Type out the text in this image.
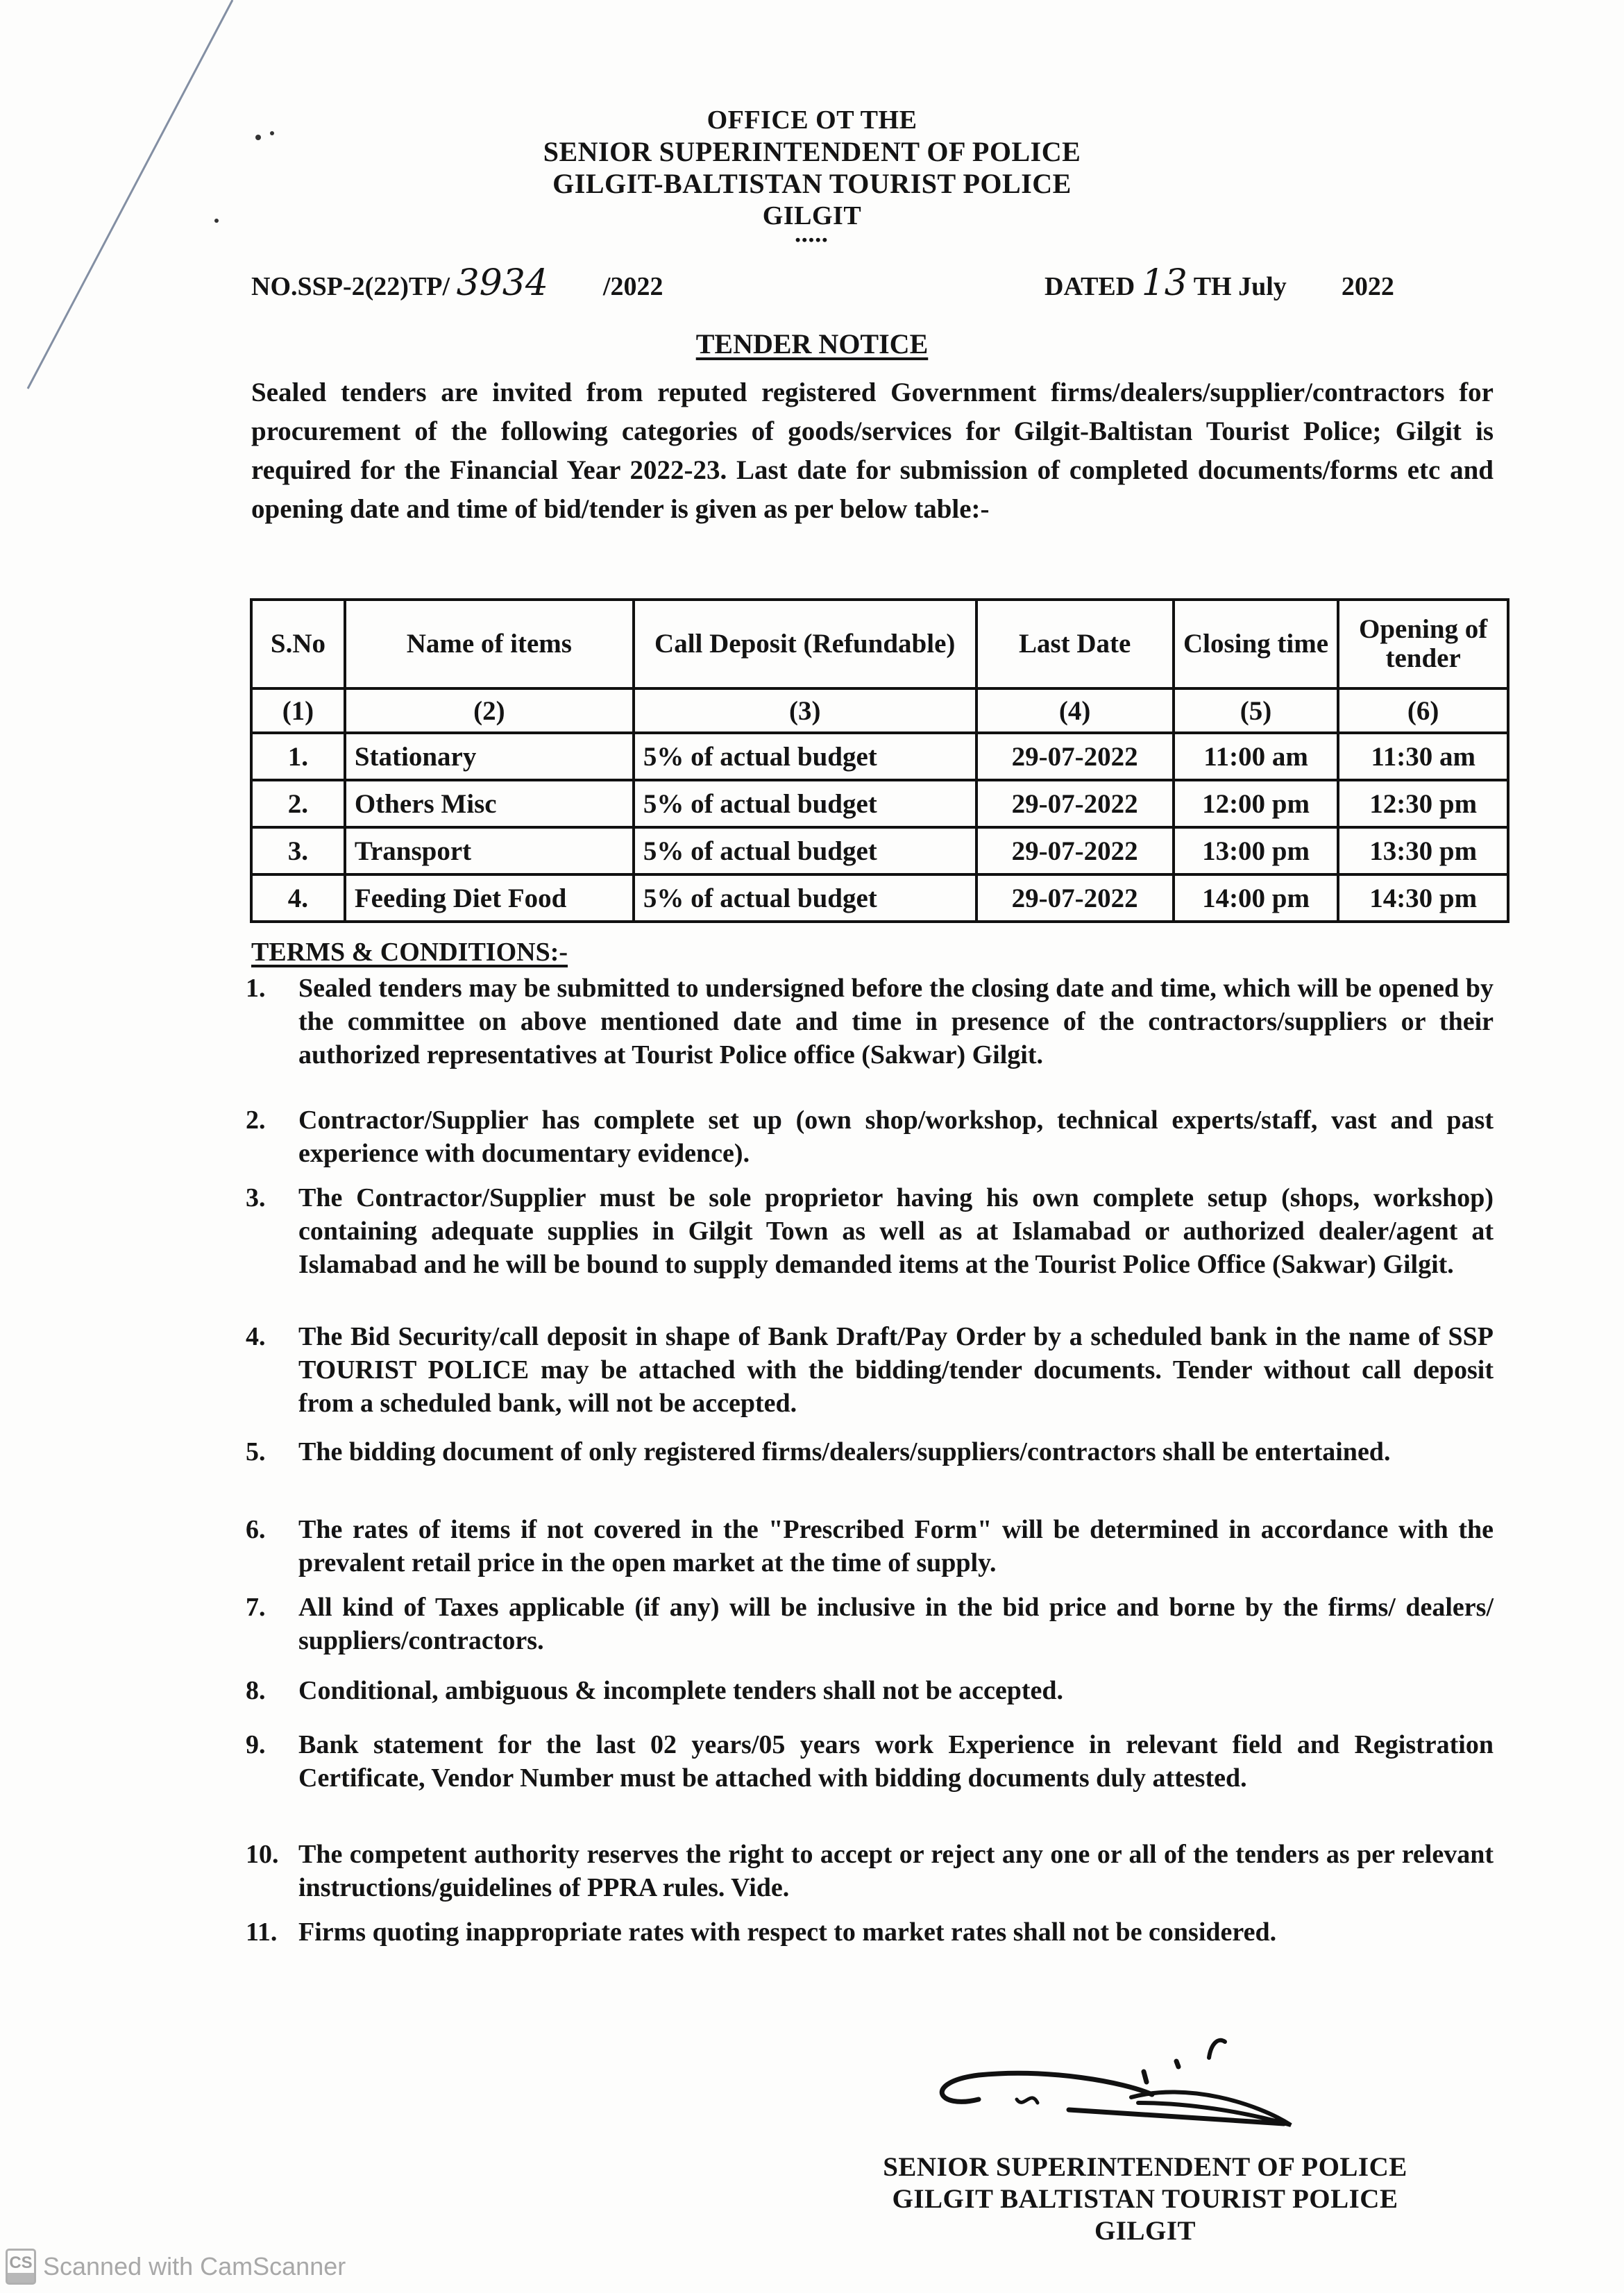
OFFICE OT THE
SENIOR SUPERINTENDENT OF POLICE
GILGIT-BALTISTAN TOURIST POLICE
GILGIT
•••••
NO.SSP-2(22)TP/ 3934 /2022	DATED 13 TH July 2022
TENDER NOTICE
Sealed tenders are invited from reputed registered Government firms/dealers/supplier/contractors for procurement of the following categories of goods/services for Gilgit-Baltistan Tourist Police; Gilgit is required for the Financial Year 2022-23. Last date for submission of completed documents/forms etc and opening date and time of bid/tender is given as per below table:-
S.No	Name of items	Call Deposit (Refundable)	Last Date	Closing time	Opening of tender
(1)	(2)	(3)	(4)	(5)	(6)
1.	Stationary	5% of actual budget	29-07-2022	11:00 am	11:30 am
2.	Others Misc	5% of actual budget	29-07-2022	12:00 pm	12:30 pm
3.	Transport	5% of actual budget	29-07-2022	13:00 pm	13:30 pm
4.	Feeding Diet Food	5% of actual budget	29-07-2022	14:00 pm	14:30 pm
TERMS & CONDITIONS:-
1.	Sealed tenders may be submitted to undersigned before the closing date and time, which will be opened by the committee on above mentioned date and time in presence of the contractors/suppliers or their authorized representatives at Tourist Police office (Sakwar) Gilgit.
2.	Contractor/Supplier has complete set up (own shop/workshop, technical experts/staff, vast and past experience with documentary evidence).
3.	The Contractor/Supplier must be sole proprietor having his own complete setup (shops, workshop) containing adequate supplies in Gilgit Town as well as at Islamabad or authorized dealer/agent at Islamabad and he will be bound to supply demanded items at the Tourist Police Office (Sakwar) Gilgit.
4.	The Bid Security/call deposit in shape of Bank Draft/Pay Order by a scheduled bank in the name of SSP TOURIST POLICE may be attached with the bidding/tender documents. Tender without call deposit from a scheduled bank, will not be accepted.
5.	The bidding document of only registered firms/dealers/suppliers/contractors shall be entertained.
6.	The rates of items if not covered in the "Prescribed Form" will be determined in accordance with the prevalent retail price in the open market at the time of supply.
7.	All kind of Taxes applicable (if any) will be inclusive in the bid price and borne by the firms/ dealers/ suppliers/contractors.
8.	Conditional, ambiguous & incomplete tenders shall not be accepted.
9.	Bank statement for the last 02 years/05 years work Experience in relevant field and Registration Certificate, Vendor Number must be attached with bidding documents duly attested.
10. The competent authority reserves the right to accept or reject any one or all of the tenders as per relevant instructions/guidelines of PPRA rules. Vide.
11. Firms quoting inappropriate rates with respect to market rates shall not be considered.
SENIOR SUPERINTENDENT OF POLICE
GILGIT BALTISTAN TOURIST POLICE
GILGIT
CS Scanned with CamScanner
